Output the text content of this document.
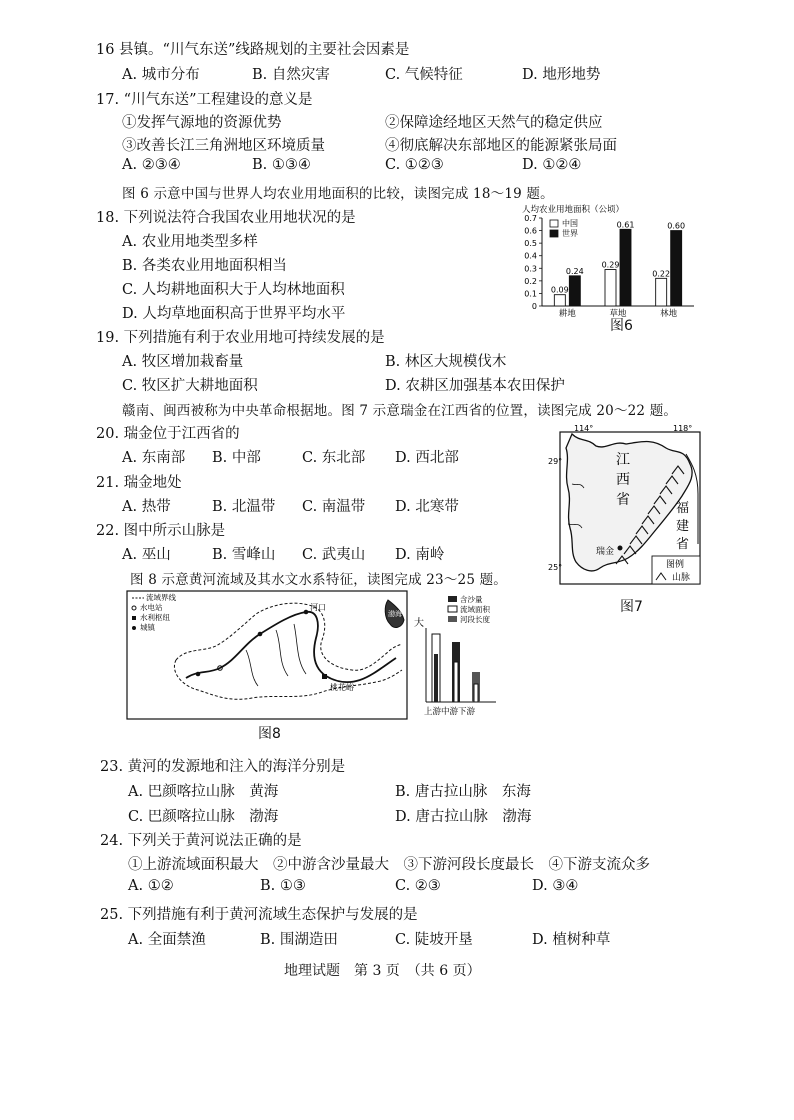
16 县镇。“川气东送”线路规划的主要社会因素是
A. 城市分布	B. 自然灾害	C. 气候特征	D. 地形地势
17. “川气东送”工程建设的意义是
①发挥气源地的资源优势	②保障途经地区天然气的稳定供应
③改善长江三角洲地区环境质量	④彻底解决东部地区的能源紧张局面
A. ②③④	B. ①③④	C. ①②③	D. ①②④
图 6 示意中国与世界人均农业用地面积的比较，读图完成 18～19 题。
18. 下列说法符合我国农业用地状况的是
A. 农业用地类型多样
B. 各类农业用地面积相当
C. 人均耕地面积大于人均林地面积
D. 人均草地面积高于世界平均水平
人均农业用地面积（公顷）
0
0.1
0.2
0.3
0.4
0.5
0.6
0.7
耕地	草地	林地
0.09
0.24
0.29
0.61
0.22
0.60
中国
世界
图6
19. 下列措施有利于农业用地可持续发展的是
A. 牧区增加栽畜量	B. 林区大规模伐木
C. 牧区扩大耕地面积	D. 农耕区加强基本农田保护
赣南、闽西被称为中央革命根据地。图 7 示意瑞金在江西省的位置，读图完成 20～22 题。
20. 瑞金位于江西省的
A. 东南部 B. 中部	C. 东北部 D. 西北部
21. 瑞金地处
A. 热带	B. 北温带 C. 南温带 D. 北寒带
22. 图中所示山脉是
A. 巫山	B. 雪峰山 C. 武夷山 D. 南岭
114°	118°
29°
25°
江
西
省
福
建
省
瑞金
图例
山脉
图7
图 8 示意黄河流域及其水文水系特征，读图完成 23～25 题。
流域界线
水电站
水利枢纽
城镇
河口
桃花峪
渤海
大
含沙量
流域面积
河段长度
上游中游下游
图8
23. 黄河的发源地和注入的海洋分别是
A. 巴颜喀拉山脉　黄海	B. 唐古拉山脉　东海
C. 巴颜喀拉山脉　渤海	D. 唐古拉山脉　渤海
24. 下列关于黄河说法正确的是
①上游流域面积最大　②中游含沙量最大　③下游河段长度最长　④下游支流众多
A. ①②	B. ①③	C. ②③	D. ③④
25. 下列措施有利于黄河流域生态保护与发展的是
A. 全面禁渔	B. 围湖造田	C. 陡坡开垦	D. 植树种草
地理试题　第 3 页　（共 6 页）
